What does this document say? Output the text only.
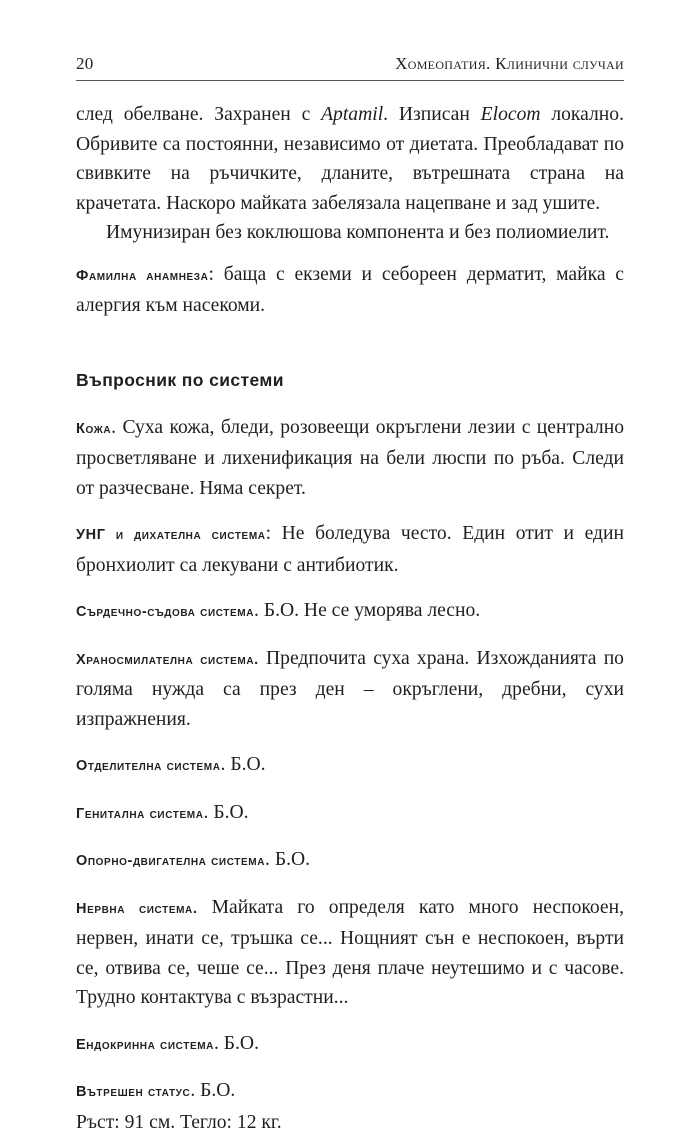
20	Хомеопатия. Клинични случаи

след обелване. Захранен с Aptamil. Изписан Elocom локално. Обривите са постоянни, независимо от диетата. Преобладават по свивките на ръчичките, дланите, вътрешната страна на крачетата. Наскоро майката забелязала нацепване и зад ушите.

Имунизиран без коклюшова компонента и без полиомиелит.

Фамилна анамнеза: баща с екземи и себореен дерматит, майка с алергия към насекоми.

Въпросник по системи

Кожа. Суха кожа, бледи, розовеещи окръглени лезии с централно просветляване и лихенификация на бели люспи по ръба. Следи от разчесване. Няма секрет.

УНГ и дихателна система: Не боледува често. Един отит и един бронхиолит са лекувани с антибиотик.

Сърдечно-съдова система. Б.О. Не се уморява лесно.

Храносмилателна система. Предпочита суха храна. Изхожданията по голяма нужда са през ден – окръглени, дребни, сухи изпражнения.

Отделителна система. Б.О.

Генитална система. Б.О.

Опорно-двигателна система. Б.О.

Нервна система. Майката го определя като много неспокоен, нервен, инати се, тръшка се... Нощният сън е неспокоен, върти се, отвива се, чеше се... През деня плаче неутешимо и с часове. Трудно контактува с възрастни...

Ендокринна система. Б.О.

Вътрешен статус. Б.О.

Ръст: 91 см. Тегло: 12 кг.
